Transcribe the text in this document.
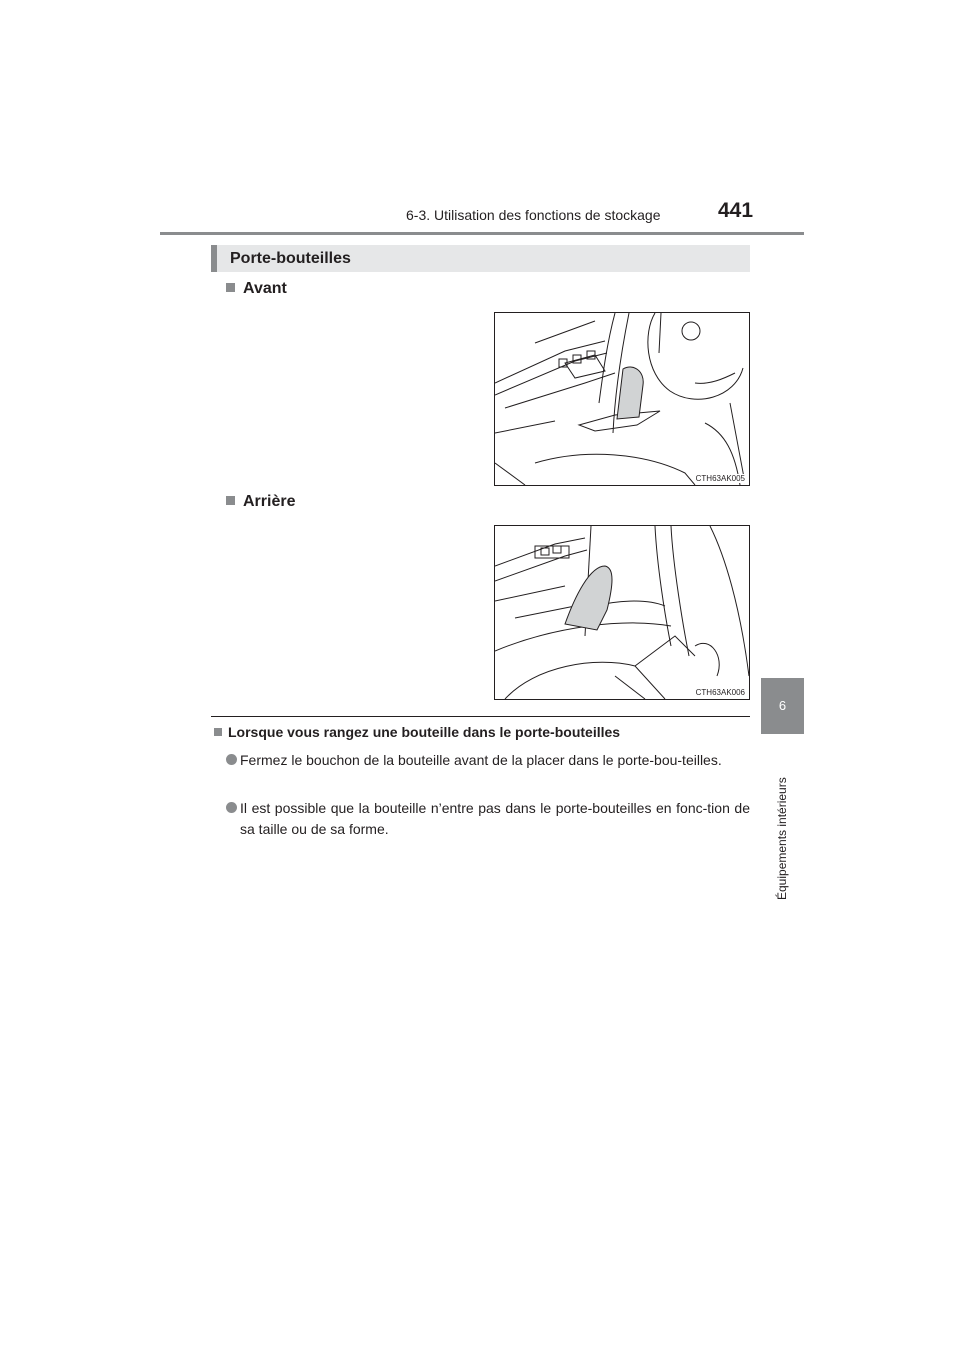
6-3. Utilisation des fonctions de stockage	441
6
Équipements intérieurs
Porte-bouteilles
Avant
CTH63AK005
Arrière
CTH63AK006
Lorsque vous rangez une bouteille dans le porte-bouteilles
Fermez le bouchon de la bouteille avant de la placer dans le porte-bou-teilles.
Il est possible que la bouteille n’entre pas dans le porte-bouteilles en fonc-tion de sa taille ou de sa forme.
